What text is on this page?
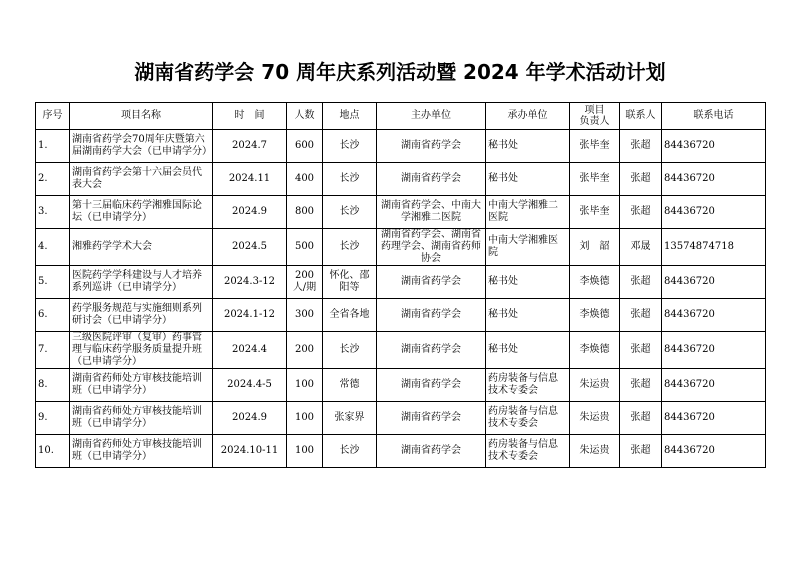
湖南省药学会 70 周年庆系列活动暨 2024 年学术活动计划
序号	项目名称	时　间	人数	地点	主办单位	承办单位	项目
负责人	联系人	联系电话
1.	湖南省药学会70周年庆暨第六届湖南药学大会（已申请学分）	2024.7	600	长沙	湖南省药学会	秘书处	张毕奎	张超	84436720
2.	湖南省药学会第十六届会员代表大会	2024.11	400	长沙	湖南省药学会	秘书处	张毕奎	张超	84436720
3.	第十三届临床药学湘雅国际论坛（已申请学分）	2024.9	800	长沙	湖南省药学会、中南大学湘雅二医院	中南大学湘雅二医院	张毕奎	张超	84436720
4.	湘雅药学学术大会	2024.5	500	长沙	湖南省药学会、湖南省药理学会、湖南省药师协会	中南大学湘雅医院	刘　韶	邓晟	13574874718
5.	医院药学学科建设与人才培养系列巡讲（已申请学分）	2024.3-12	200人/期	怀化、邵阳等	湖南省药学会	秘书处	李焕德	张超	84436720
6.	药学服务规范与实施细则系列研讨会（已申请学分）	2024.1-12	300	全省各地	湖南省药学会	秘书处	李焕德	张超	84436720
7.	三级医院评审（复审）药事管理与临床药学服务质量提升班（已申请学分）	2024.4	200	长沙	湖南省药学会	秘书处	李焕德	张超	84436720
8.	湖南省药师处方审核技能培训班（已申请学分）	2024.4-5	100	常德	湖南省药学会	药房装备与信息技术专委会	朱运贵	张超	84436720
9.	湖南省药师处方审核技能培训班（已申请学分）	2024.9	100	张家界	湖南省药学会	药房装备与信息技术专委会	朱运贵	张超	84436720
10.	湖南省药师处方审核技能培训班（已申请学分）	2024.10-11	100	长沙	湖南省药学会	药房装备与信息技术专委会	朱运贵	张超	84436720
